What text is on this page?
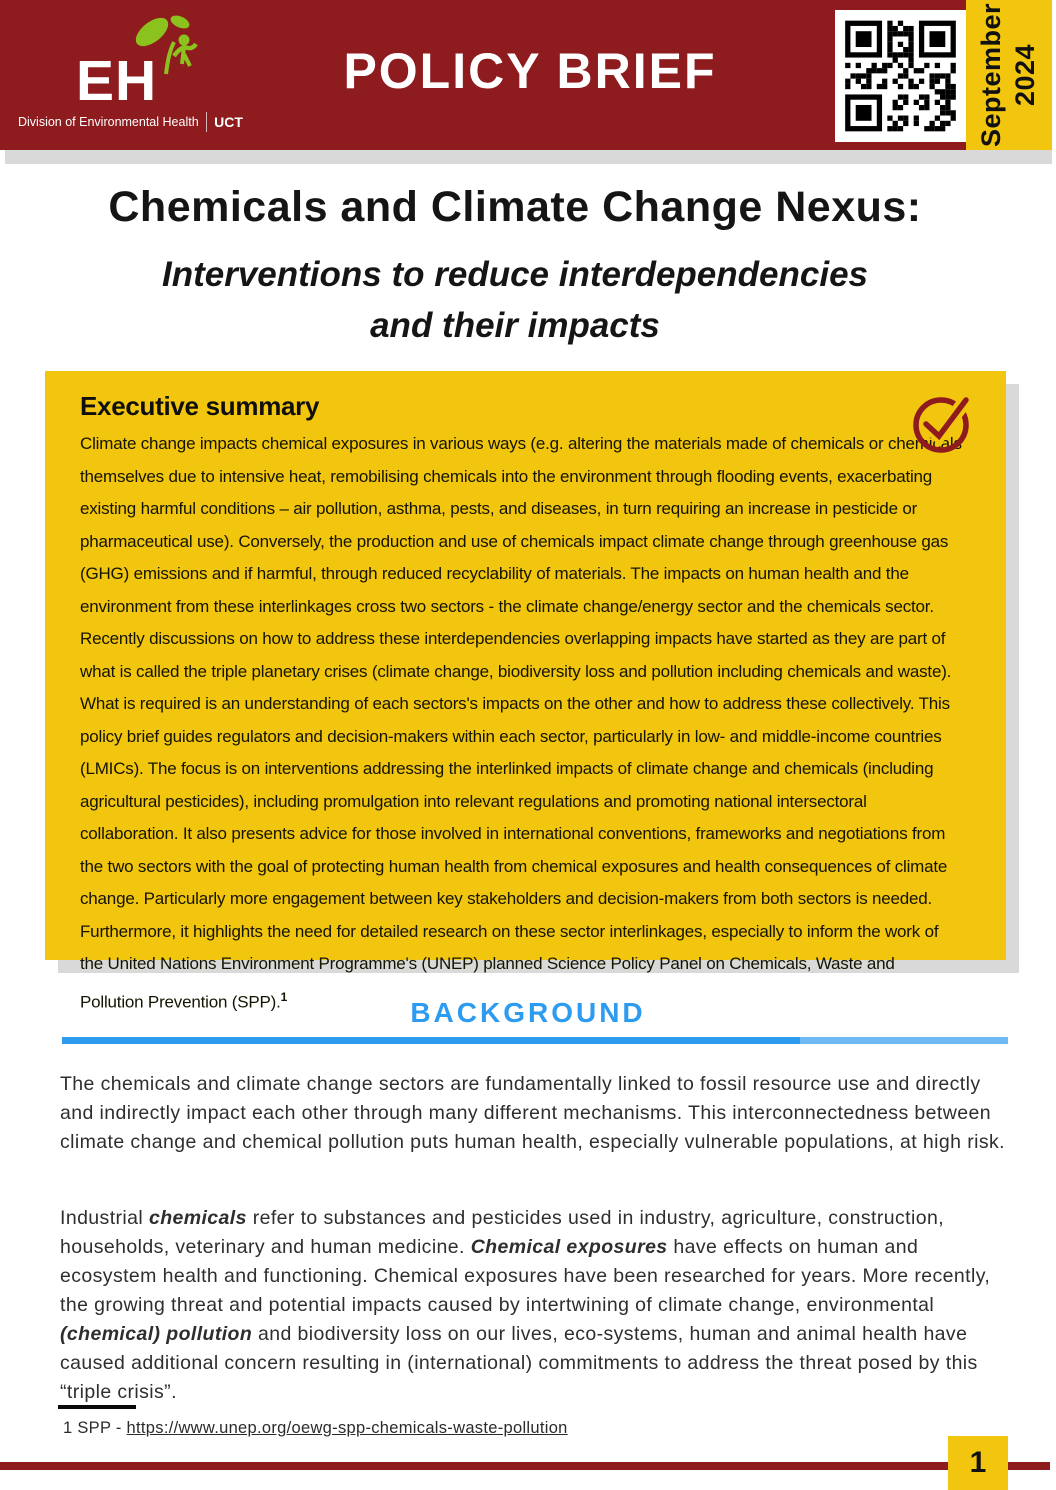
EH
Division of Environmental Health UCT
POLICY BRIEF	September 2024
Chemicals and Climate Change Nexus:
Interventions to reduce interdependencies
and their impacts
Executive summary

Climate change impacts chemical exposures in various ways (e.g. altering the materials made of chemicals or chemicals themselves due to intensive heat, remobilising chemicals into the environment through flooding events, exacerbating existing harmful conditions – air pollution, asthma, pests, and diseases, in turn requiring an increase in pesticide or pharmaceutical use). Conversely, the production and use of chemicals impact climate change through greenhouse gas (GHG) emissions and if harmful, through reduced recyclability of materials. The impacts on human health and the environment from these interlinkages cross two sectors - the climate change/energy sector and the chemicals sector. Recently discussions on how to address these interdependencies overlapping impacts have started as they are part of what is called the triple planetary crises (climate change, biodiversity loss and pollution including chemicals and waste). What is required is an understanding of each sectors's impacts on the other and how to address these collectively. This policy brief guides regulators and decision-makers within each sector, particularly in low- and middle-income countries (LMICs). The focus is on interventions addressing the interlinked impacts of climate change and chemicals (including agricultural pesticides), including promulgation into relevant regulations and promoting national intersectoral collaboration. It also presents advice for those involved in international conventions, frameworks and negotiations from the two sectors with the goal of protecting human health from chemical exposures and health consequences of climate change. Particularly more engagement between key stakeholders and decision-makers from both sectors is needed. Furthermore, it highlights the need for detailed research on these sector interlinkages, especially to inform the work of the United Nations Environment Programme's (UNEP) planned Science Policy Panel on Chemicals, Waste and Pollution Prevention (SPP).$^1$

BACKGROUND

The chemicals and climate change sectors are fundamentally linked to fossil resource use and directly and indirectly impact each other through many different mechanisms. This interconnectedness between climate change and chemical pollution puts human health, especially vulnerable populations, at high risk.

Industrial chemicals refer to substances and pesticides used in industry, agriculture, construction, households, veterinary and human medicine. Chemical exposures have effects on human and ecosystem health and functioning. Chemical exposures have been researched for years. More recently, the growing threat and potential impacts caused by intertwining of climate change, environmental (chemical) pollution and biodiversity loss on our lives, eco-systems, human and animal health have caused additional concern resulting in (international) commitments to address the threat posed by this “triple crisis”.

1 SPP - https://www.unep.org/oewg-spp-chemicals-waste-pollution
1
